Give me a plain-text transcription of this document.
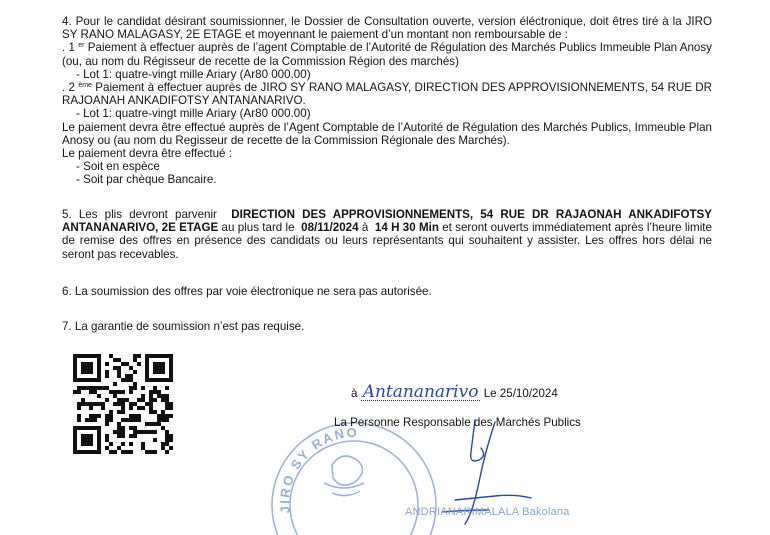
4. Pour le candidat désirant soumissionner, le Dossier de Consultation ouverte, version éléctronique, doit êtres tiré à la JIRO SY RANO MALAGASY, 2E ETAGE et moyennant le paiement d’un montant non remboursable de :

. 1 $^{er}$ Paiement à effectuer auprès de l’agent Comptable de l’Autorité de Régulation des Marchés Publics Immeuble Plan Anosy (ou, au nom du Régisseur de recette de la Commission Région des marchés)

- Lot 1: quatre-vingt mille Ariary (Ar80 000.00)

. 2 $^{ème}$ Paiement à effectuer auprès de JIRO SY RANO MALAGASY, DIRECTION DES APPROVISIONNEMENTS, 54 RUE DR RAJOANAH ANKADIFOTSY ANTANANARIVO.

- Lot 1: quatre-vingt mille Ariary (Ar80 000.00)

Le paiement devra être effectué auprès de l’Agent Comptable de l’Autorité de Régulation des Marchés Publics, Immeuble Plan Anosy ou (au nom du Regisseur de recette de la Commission Régionale des Marchés).

Le paiement devra être effectué :

- Soit en espèce

- Soit par chèque Bancaire.

5. Les plis devront parvenir DIRECTION DES APPROVISIONNEMENTS, 54 RUE DR RAJAONAH ANKADIFOTSY ANTANANARIVO, 2E ETAGE au plus tard le 08/11/2024 à 14 H 30 Min et seront ouverts immédiatement après l’heure limite de remise des offres en présence des candidats ou leurs représentants qui souhaitent y assister. Les offres hors délai ne seront pas recevables.

6. La soumission des offres par voie électronique ne sera pas autorisée.

7. La garantie de soumission n’est pas requise.

JIRO SY RANO
à Antananarivo Le 25/10/2024
La Personne Responsable des Marchés Publics
ANDRIANARIMALALA Bakolana
